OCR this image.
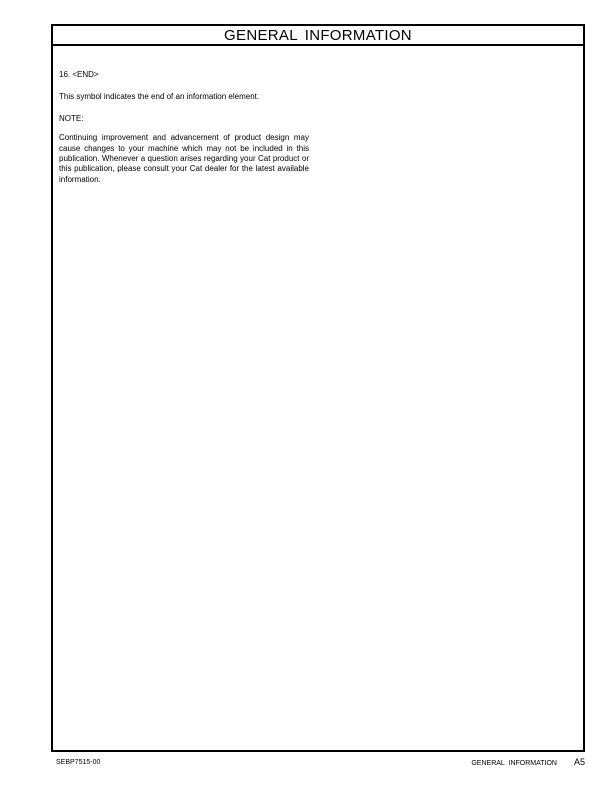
GENERAL INFORMATION

16. <END>

This symbol indicates the end of an information element.

NOTE:

Continuing improvement and advancement of product design may cause changes to your machine which may not be included in this publication. Whenever a question arises regarding your Cat product or this publication, please consult your Cat dealer for the latest available information.

SEBP7515-00	GENERAL INFORMATION A5
